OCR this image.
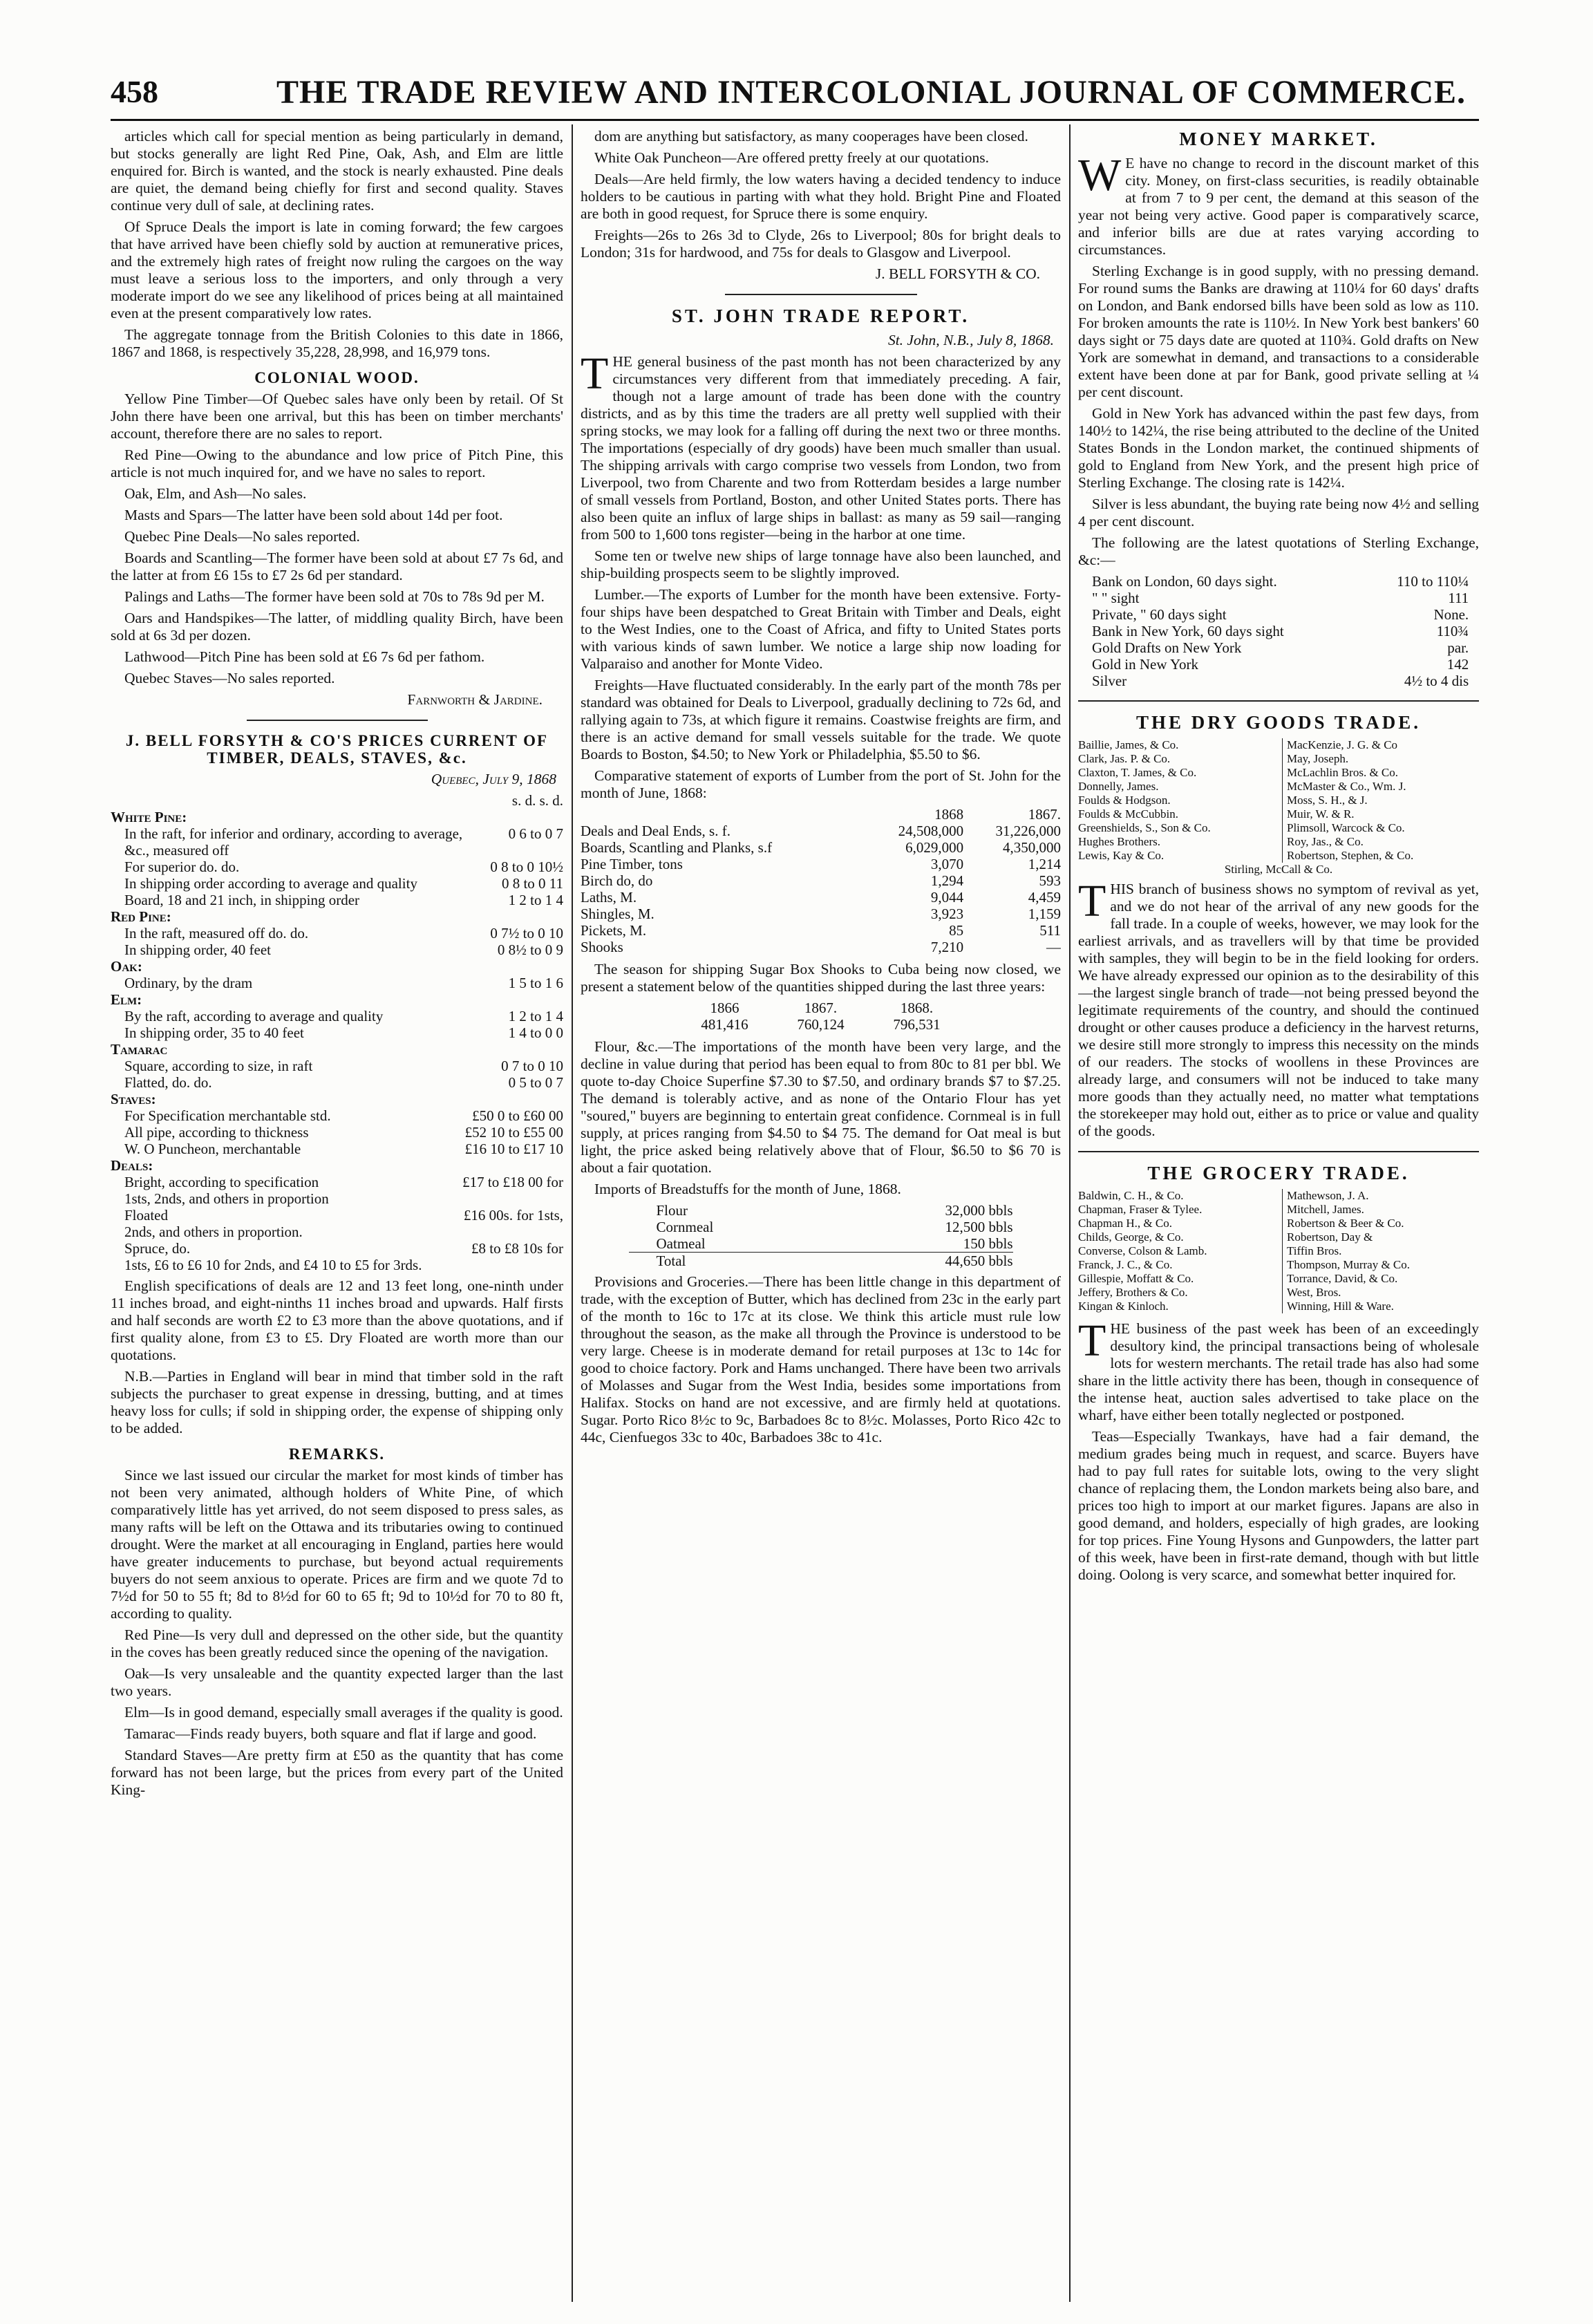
458	THE TRADE REVIEW AND INTERCOLONIAL JOURNAL OF COMMERCE.

articles which call for special mention as being particularly in demand, but stocks generally are light Red Pine, Oak, Ash, and Elm are little enquired for. Birch is wanted, and the stock is nearly exhausted. Pine deals are quiet, the demand being chiefly for first and second quality. Staves continue very dull of sale, at declining rates.

Of Spruce Deals the import is late in coming forward; the few cargoes that have arrived have been chiefly sold by auction at remunerative prices, and the extremely high rates of freight now ruling the cargoes on the way must leave a serious loss to the importers, and only through a very moderate import do we see any likelihood of prices being at all maintained even at the present comparatively low rates.

The aggregate tonnage from the British Colonies to this date in 1866, 1867 and 1868, is respectively 35,228, 28,998, and 16,979 tons.

COLONIAL WOOD.

Yellow Pine Timber—Of Quebec sales have only been by retail. Of St John there have been one arrival, but this has been on timber merchants' account, therefore there are no sales to report.

Red Pine—Owing to the abundance and low price of Pitch Pine, this article is not much inquired for, and we have no sales to report.

Oak, Elm, and Ash—No sales.

Masts and Spars—The latter have been sold about 14d per foot.

Quebec Pine Deals—No sales reported.

Boards and Scantling—The former have been sold at about £7 7s 6d, and the latter at from £6 15s to £7 2s 6d per standard.

Palings and Laths—The former have been sold at 70s to 78s 9d per M.

Oars and Handspikes—The latter, of middling quality Birch, have been sold at 6s 3d per dozen.

Lathwood—Pitch Pine has been sold at £6 7s 6d per fathom.

Quebec Staves—No sales reported.

Farnworth & Jardine.

J. BELL FORSYTH & CO'S PRICES CURRENT OF TIMBER, DEALS, STAVES, &c.

Quebec, July 9, 1868

	s. d. s. d.
White Pine:	
In the raft, for inferior and ordinary, according to average, &c., measured off	0 6 to 0 7
For superior do. do.	0 8 to 0 10½
In shipping order according to average and quality	0 8 to 0 11
Board, 18 and 21 inch, in shipping order	1 2 to 1 4
Red Pine:	
In the raft, measured off do. do.	0 7½ to 0 10
In shipping order, 40 feet	0 8½ to 0 9
Oak:	
Ordinary, by the dram	1 5 to 1 6
Elm:	
By the raft, according to average and quality	1 2 to 1 4
In shipping order, 35 to 40 feet	1 4 to 0 0
Tamarac	
Square, according to size, in raft	0 7 to 0 10
Flatted, do. do.	0 5 to 0 7
Staves:	
For Specification merchantable std.	£50 0 to £60 00
All pipe, according to thickness	£52 10 to £55 00
W. O Puncheon, merchantable	£16 10 to £17 10
Deals:	
Bright, according to specification	£17 to £18 00 for
1sts, 2nds, and others in proportion	
Floated	£16 00s. for 1sts,
2nds, and others in proportion.	
Spruce, do.	£8 to £8 10s for
1sts, £6 to £6 10 for 2nds, and £4 10 to £5 for 3rds.	

English specifications of deals are 12 and 13 feet long, one-ninth under 11 inches broad, and eight-ninths 11 inches broad and upwards. Half firsts and half seconds are worth £2 to £3 more than the above quotations, and if first quality alone, from £3 to £5. Dry Floated are worth more than our quotations.

N.B.—Parties in England will bear in mind that timber sold in the raft subjects the purchaser to great expense in dressing, butting, and at times heavy loss for culls; if sold in shipping order, the expense of shipping only to be added.

REMARKS.

Since we last issued our circular the market for most kinds of timber has not been very animated, although holders of White Pine, of which comparatively little has yet arrived, do not seem disposed to press sales, as many rafts will be left on the Ottawa and its tributaries owing to continued drought. Were the market at all encouraging in England, parties here would have greater inducements to purchase, but beyond actual requirements buyers do not seem anxious to operate. Prices are firm and we quote 7d to 7½d for 50 to 55 ft; 8d to 8½d for 60 to 65 ft; 9d to 10½d for 70 to 80 ft, according to quality.

Red Pine—Is very dull and depressed on the other side, but the quantity in the coves has been greatly reduced since the opening of the navigation.

Oak—Is very unsaleable and the quantity expected larger than the last two years.

Elm—Is in good demand, especially small averages if the quality is good.

Tamarac—Finds ready buyers, both square and flat if large and good.

Standard Staves—Are pretty firm at £50 as the quantity that has come forward has not been large, but the prices from every part of the United King-

dom are anything but satisfactory, as many cooperages have been closed.

White Oak Puncheon—Are offered pretty freely at our quotations.

Deals—Are held firmly, the low waters having a decided tendency to induce holders to be cautious in parting with what they hold. Bright Pine and Floated are both in good request, for Spruce there is some enquiry.

Freights—26s to 26s 3d to Clyde, 26s to Liverpool; 80s for bright deals to London; 31s for hardwood, and 75s for deals to Glasgow and Liverpool.

J. BELL FORSYTH & CO.

ST. JOHN TRADE REPORT.

St. John, N.B., July 8, 1868.

THE general business of the past month has not been characterized by any circumstances very different from that immediately preceding. A fair, though not a large amount of trade has been done with the country districts, and as by this time the traders are all pretty well supplied with their spring stocks, we may look for a falling off during the next two or three months. The importations (especially of dry goods) have been much smaller than usual. The shipping arrivals with cargo comprise two vessels from London, two from Liverpool, two from Charente and two from Rotterdam besides a large number of small vessels from Portland, Boston, and other United States ports. There has also been quite an influx of large ships in ballast: as many as 59 sail—ranging from 500 to 1,600 tons register—being in the harbor at one time.

Some ten or twelve new ships of large tonnage have also been launched, and ship-building prospects seem to be slightly improved.

Lumber.—The exports of Lumber for the month have been extensive. Forty-four ships have been despatched to Great Britain with Timber and Deals, eight to the West Indies, one to the Coast of Africa, and fifty to United States ports with various kinds of sawn lumber. We notice a large ship now loading for Valparaiso and another for Monte Video.

Freights—Have fluctuated considerably. In the early part of the month 78s per standard was obtained for Deals to Liverpool, gradually declining to 72s 6d, and rallying again to 73s, at which figure it remains. Coastwise freights are firm, and there is an active demand for small vessels suitable for the trade. We quote Boards to Boston, $4.50; to New York or Philadelphia, $5.50 to $6.

Comparative statement of exports of Lumber from the port of St. John for the month of June, 1868:

	1868	1867.
Deals and Deal Ends, s. f.	24,508,000	31,226,000
Boards, Scantling and Planks, s.f	6,029,000	4,350,000
Pine Timber, tons	3,070	1,214
Birch do, do	1,294	593
Laths, M.	9,044	4,459
Shingles, M.	3,923	1,159
Pickets, M.	85	511
Shooks	7,210	—

The season for shipping Sugar Box Shooks to Cuba being now closed, we present a statement below of the quantities shipped during the last three years:

1866	1867.	1868.
481,416	760,124	796,531

Flour, &c.—The importations of the month have been very large, and the decline in value during that period has been equal to from 80c to 81 per bbl. We quote to-day Choice Superfine $7.30 to $7.50, and ordinary brands $7 to $7.25. The demand is tolerably active, and as none of the Ontario Flour has yet "soured," buyers are beginning to entertain great confidence. Cornmeal is in full supply, at prices ranging from $4.50 to $4 75. The demand for Oat meal is but light, the price asked being relatively above that of Flour, $6.50 to $6 70 is about a fair quotation.

Imports of Breadstuffs for the month of June, 1868.

Flour	32,000 bbls
Cornmeal	12,500 bbls
Oatmeal	150 bbls
Total	44,650 bbls

Provisions and Groceries.—There has been little change in this department of trade, with the exception of Butter, which has declined from 23c in the early part of the month to 16c to 17c at its close. We think this article must rule low throughout the season, as the make all through the Province is understood to be very large. Cheese is in moderate demand for retail purposes at 13c to 14c for good to choice factory. Pork and Hams unchanged. There have been two arrivals of Molasses and Sugar from the West India, besides some importations from Halifax. Stocks on hand are not excessive, and are firmly held at quotations. Sugar. Porto Rico 8½c to 9c, Barbadoes 8c to 8½c. Molasses, Porto Rico 42c to 44c, Cienfuegos 33c to 40c, Barbadoes 38c to 41c.

MONEY MARKET.

W E have no change to record in the discount market of this city. Money, on first-class securities, is readily obtainable at from 7 to 9 per cent, the demand at this season of the year not being very active. Good paper is comparatively scarce, and inferior bills are due at rates varying according to circumstances.

Sterling Exchange is in good supply, with no pressing demand. For round sums the Banks are drawing at 110¼ for 60 days' drafts on London, and Bank endorsed bills have been sold as low as 110. For broken amounts the rate is 110½. In New York best bankers' 60 days sight or 75 days date are quoted at 110¾. Gold drafts on New York are somewhat in demand, and transactions to a considerable extent have been done at par for Bank, good private selling at ¼ per cent discount.

Gold in New York has advanced within the past few days, from 140½ to 142¼, the rise being attributed to the decline of the United States Bonds in the London market, the continued shipments of gold to England from New York, and the present high price of Sterling Exchange. The closing rate is 142¼.

Silver is less abundant, the buying rate being now 4½ and selling 4 per cent discount.

The following are the latest quotations of Sterling Exchange, &c:—

Bank on London, 60 days sight.	110 to 110¼
" " sight	111
Private, " 60 days sight	None.
Bank in New York, 60 days sight	110¾
Gold Drafts on New York	par.
Gold in New York	142
Silver	4½ to 4 dis
THE DRY GOODS TRADE.
Baillie, James, & Co.
Clark, Jas. P. & Co.
Claxton, T. James, & Co.
Donnelly, James.
Foulds & Hodgson.
Foulds & McCubbin.
Greenshields, S., Son & Co.
Hughes Brothers.
Lewis, Kay & Co.
MacKenzie, J. G. & Co
May, Joseph.
McLachlin Bros. & Co.
McMaster & Co., Wm. J.
Moss, S. H., & J.
Muir, W. & R.
Plimsoll, Warcock & Co.
Roy, Jas., & Co.
Robertson, Stephen, & Co.

Stirling, McCall & Co.

THIS branch of business shows no symptom of revival as yet, and we do not hear of the arrival of any new goods for the fall trade. In a couple of weeks, however, we may look for the earliest arrivals, and as travellers will by that time be provided with samples, they will begin to be in the field looking for orders. We have already expressed our opinion as to the desirability of this—the largest single branch of trade—not being pressed beyond the legitimate requirements of the country, and should the continued drought or other causes produce a deficiency in the harvest returns, we desire still more strongly to impress this necessity on the minds of our readers. The stocks of woollens in these Provinces are already large, and consumers will not be induced to take many more goods than they actually need, no matter what temptations the storekeeper may hold out, either as to price or value and quality of the goods.

THE GROCERY TRADE.
Baldwin, C. H., & Co.
Chapman, Fraser & Tylee.
Chapman H., & Co.
Childs, George, & Co.
Converse, Colson & Lamb.
Franck, J. C., & Co.
Gillespie, Moffatt & Co.
Jeffery, Brothers & Co.
Kingan & Kinloch.
Mathewson, J. A.
Mitchell, James.
Robertson & Beer & Co.
Robertson, Day &
Tiffin Bros.
Thompson, Murray & Co.
Torrance, David, & Co.
West, Bros.
Winning, Hill & Ware.

THE business of the past week has been of an exceedingly desultory kind, the principal transactions being of wholesale lots for western merchants. The retail trade has also had some share in the little activity there has been, though in consequence of the intense heat, auction sales advertised to take place on the wharf, have either been totally neglected or postponed.

Teas—Especially Twankays, have had a fair demand, the medium grades being much in request, and scarce. Buyers have had to pay full rates for suitable lots, owing to the very slight chance of replacing them, the London markets being also bare, and prices too high to import at our market figures. Japans are also in good demand, and holders, especially of high grades, are looking for top prices. Fine Young Hysons and Gunpowders, the latter part of this week, have been in first-rate demand, though with but little doing. Oolong is very scarce, and somewhat better inquired for.
